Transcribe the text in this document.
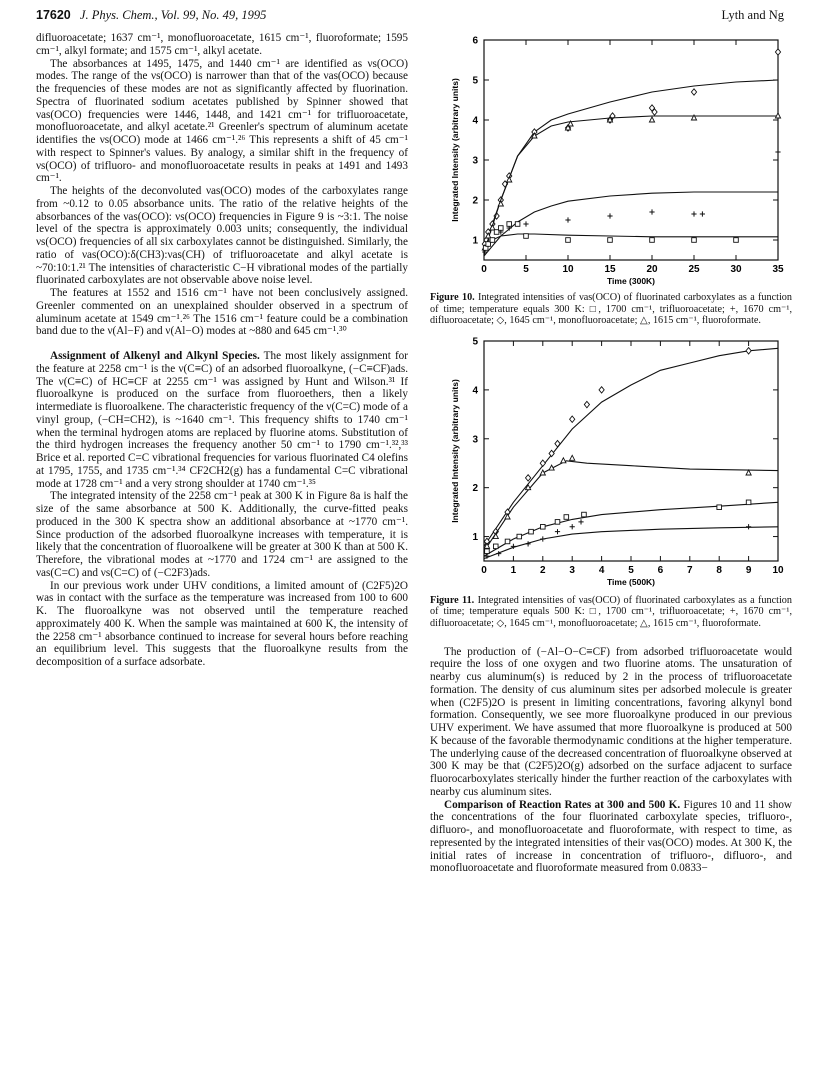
17620 J. Phys. Chem., Vol. 99, No. 49, 1995	Lyth and Ng

difluoroacetate; 1637 cm⁻¹, monofluoroacetate, 1615 cm⁻¹, fluoroformate; 1595 cm⁻¹, alkyl formate; and 1575 cm⁻¹, alkyl acetate.

The absorbances at 1495, 1475, and 1440 cm⁻¹ are identified as νs(OCO) modes. The range of the νs(OCO) is narrower than that of the νas(OCO) because the frequencies of these modes are not as significantly affected by fluorination. Spectra of fluorinated sodium acetates published by Spinner showed that νas(OCO) frequencies were 1446, 1448, and 1421 cm⁻¹ for trifluoroacetate, monofluoroacetate, and alkyl acetate.²¹ Greenler's spectrum of aluminum acetate identifies the νs(OCO) mode at 1466 cm⁻¹.²⁶ This represents a shift of 45 cm⁻¹ with respect to Spinner's values. By analogy, a similar shift in the frequency of νs(OCO) of trifluoro- and monofluoroacetate results in peaks at 1491 and 1493 cm⁻¹.

The heights of the deconvoluted νas(OCO) modes of the carboxylates range from ~0.12 to 0.05 absorbance units. The ratio of the relative heights of the absorbances of the νas(OCO): νs(OCO) frequencies in Figure 9 is ~3:1. The noise level of the spectra is approximately 0.003 units; consequently, the individual νs(OCO) frequencies of all six carboxylates cannot be distinguished. Similarly, the ratio of νas(OCO):δ(CH3):νas(CH) of trifluoroacetate and alkyl acetate is ~70:10:1.²¹ The intensities of characteristic C−H vibrational modes of the partially fluorinated carboxylates are not observable above noise level.

The features at 1552 and 1516 cm⁻¹ have not been conclusively assigned. Greenler commented on an unexplained shoulder observed in a spectrum of aluminum acetate at 1549 cm⁻¹.²⁶ The 1516 cm⁻¹ feature could be a combination band due to the ν(Al−F) and ν(Al−O) modes at ~880 and 645 cm⁻¹.³⁰

Assignment of Alkenyl and Alkynl Species. The most likely assignment for the feature at 2258 cm⁻¹ is the ν(C≡C) of an adsorbed fluoroalkyne, (−C≡CF)ads. The ν(C≡C) of HC≡CF at 2255 cm⁻¹ was assigned by Hunt and Wilson.³¹ If fluoroalkyne is produced on the surface from fluoroethers, then a likely intermediate is fluoroalkene. The characteristic frequency of the ν(C=C) mode of a vinyl group, (−CH=CH2), is ~1640 cm⁻¹. This frequency shifts to 1740 cm⁻¹ when the terminal hydrogen atoms are replaced by fluorine atoms. Substitution of the third hydrogen increases the frequency another 50 cm⁻¹ to 1790 cm⁻¹.³²,³³ Brice et al. reported C=C vibrational frequencies for various fluorinated C4 olefins at 1795, 1755, and 1735 cm⁻¹.³⁴ CF2CH2(g) has a fundamental C=C vibrational mode at 1728 cm⁻¹ and a very strong shoulder at 1740 cm⁻¹.³⁵

The integrated intensity of the 2258 cm⁻¹ peak at 300 K in Figure 8a is half the size of the same absorbance at 500 K. Additionally, the curve-fitted peaks produced in the 300 K spectra show an additional absorbance at ~1770 cm⁻¹. Since production of the adsorbed fluoroalkyne increases with temperature, it is likely that the concentration of fluoroalkene will be greater at 300 K than at 500 K. Therefore, the vibrational modes at ~1770 and 1724 cm⁻¹ are assigned to the νas(C=C) and νs(C=C) of (−C2F3)ads.

In our previous work under UHV conditions, a limited amount of (C2F5)2O was in contact with the surface as the temperature was increased from 100 to 600 K. The fluoroalkyne was not observed until the temperature reached approximately 400 K. When the sample was maintained at 600 K, the intensity of the 2258 cm⁻¹ absorbance continued to increase for several hours before reaching an equilibrium level. This suggests that the fluoroalkyne results from the decomposition of a surface adsorbate.

0	5	10	15	20	25	30	35
1
2
3
4
5
6
Time (300K)
Integrated Intensity (arbitrary units)
Figure 10. Integrated intensities of νas(OCO) of fluorinated carboxylates as a function of time; temperature equals 300 K: □, 1700 cm⁻¹, trifluoroacetate; +, 1670 cm⁻¹, difluoroacetate; ◇, 1645 cm⁻¹, monofluoroacetate; △, 1615 cm⁻¹, fluoroformate.
0 1 2 3 4 5 6 7 8 9 10
1
2
3
4
5
Time (500K)
Integrated Intensity (arbitrary units)
Figure 11. Integrated intensities of νas(OCO) of fluorinated carboxylates as a function of time; temperature equals 500 K: □, 1700 cm⁻¹, trifluoroacetate; +, 1670 cm⁻¹, difluoroacetate; ◇, 1645 cm⁻¹, monofluoroacetate; △, 1615 cm⁻¹, fluoroformate.

The production of (−Al−O−C≡CF) from adsorbed trifluoroacetate would require the loss of one oxygen and two fluorine atoms. The unsaturation of nearby cus aluminum(s) is reduced by 2 in the process of trifluoroacetate formation. The density of cus aluminum sites per adsorbed molecule is greater when (C2F5)2O is present in limiting concentrations, favoring alkynyl bond formation. Consequently, we see more fluoroalkyne produced in our previous UHV experiment. We have assumed that more fluoroalkyne is produced at 500 K because of the favorable thermodynamic conditions at the higher temperature. The underlying cause of the decreased concentration of fluoroalkyne observed at 300 K may be that (C2F5)2O(g) adsorbed on the surface adjacent to surface fluorocarboxylates sterically hinder the further reaction of the carboxylates with nearby cus aluminum sites.

Comparison of Reaction Rates at 300 and 500 K. Figures 10 and 11 show the concentrations of the four fluorinated carboxylate species, trifluoro-, difluoro-, and monofluoroacetate and fluoroformate, with respect to time, as represented by the integrated intensities of their νas(OCO) modes. At 300 K, the initial rates of increase in concentration of trifluoro-, difluoro-, and monofluoroacetate and fluoroformate measured from 0.0833−
